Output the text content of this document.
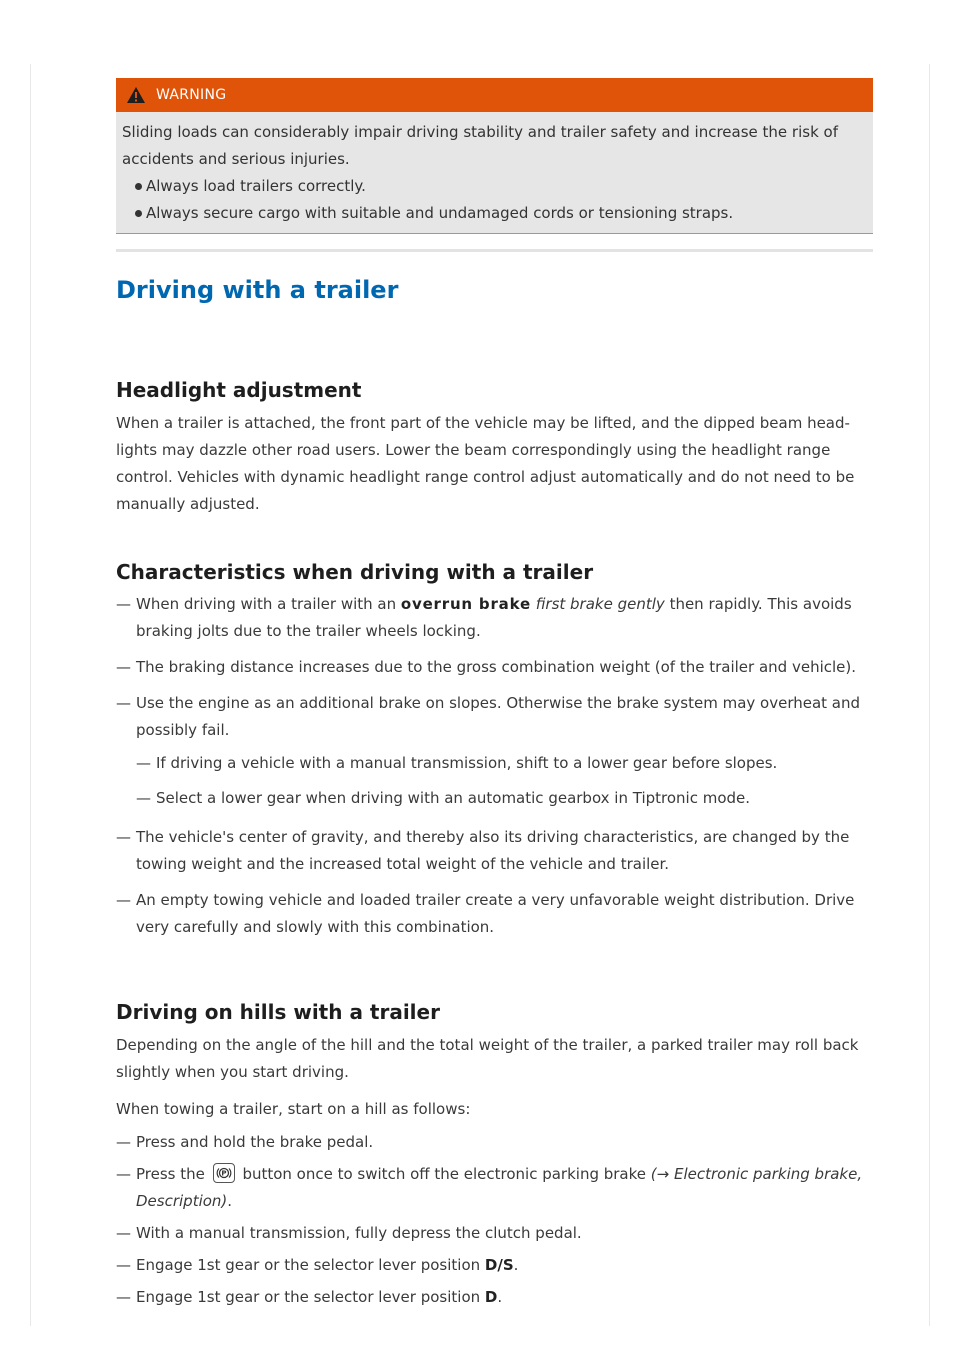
WARNING
Sliding loads can considerably impair driving stability and trailer safety and increase the risk of accidents and serious injuries.
Always load trailers correctly.
Always secure cargo with suitable and undamaged cords or tensioning straps.
Driving with a trailer
Headlight adjustment

When a trailer is attached, the front part of the vehicle may be lifted, and the dipped beam head-lights may dazzle other road users. Lower the beam correspondingly using the headlight range control. Vehicles with dynamic headlight range control adjust automatically and do not need to be manually adjusted.

Characteristics when driving with a trailer
— When driving with a trailer with an overrun brake first brake gently then rapidly. This avoids braking jolts due to the trailer wheels locking.
— The braking distance increases due to the gross combination weight (of the trailer and vehicle).
— Use the engine as an additional brake on slopes. Otherwise the brake system may overheat and possibly fail.
— If driving a vehicle with a manual transmission, shift to a lower gear before slopes.
— Select a lower gear when driving with an automatic gearbox in Tiptronic mode.
— The vehicle's center of gravity, and thereby also its driving characteristics, are changed by the towing weight and the increased total weight of the vehicle and trailer.
— An empty towing vehicle and loaded trailer create a very unfavorable weight distribution. Drive very carefully and slowly with this combination.
Driving on hills with a trailer

Depending on the angle of the hill and the total weight of the trailer, a parked trailer may roll back slightly when you start driving.

When towing a trailer, start on a hill as follows:

— Press and hold the brake pedal.
— Press the P button once to switch off the electronic parking brake (→ Electronic parking brake, Description).
— With a manual transmission, fully depress the clutch pedal.
— Engage 1st gear or the selector lever position D/S.
— Engage 1st gear or the selector lever position D.
